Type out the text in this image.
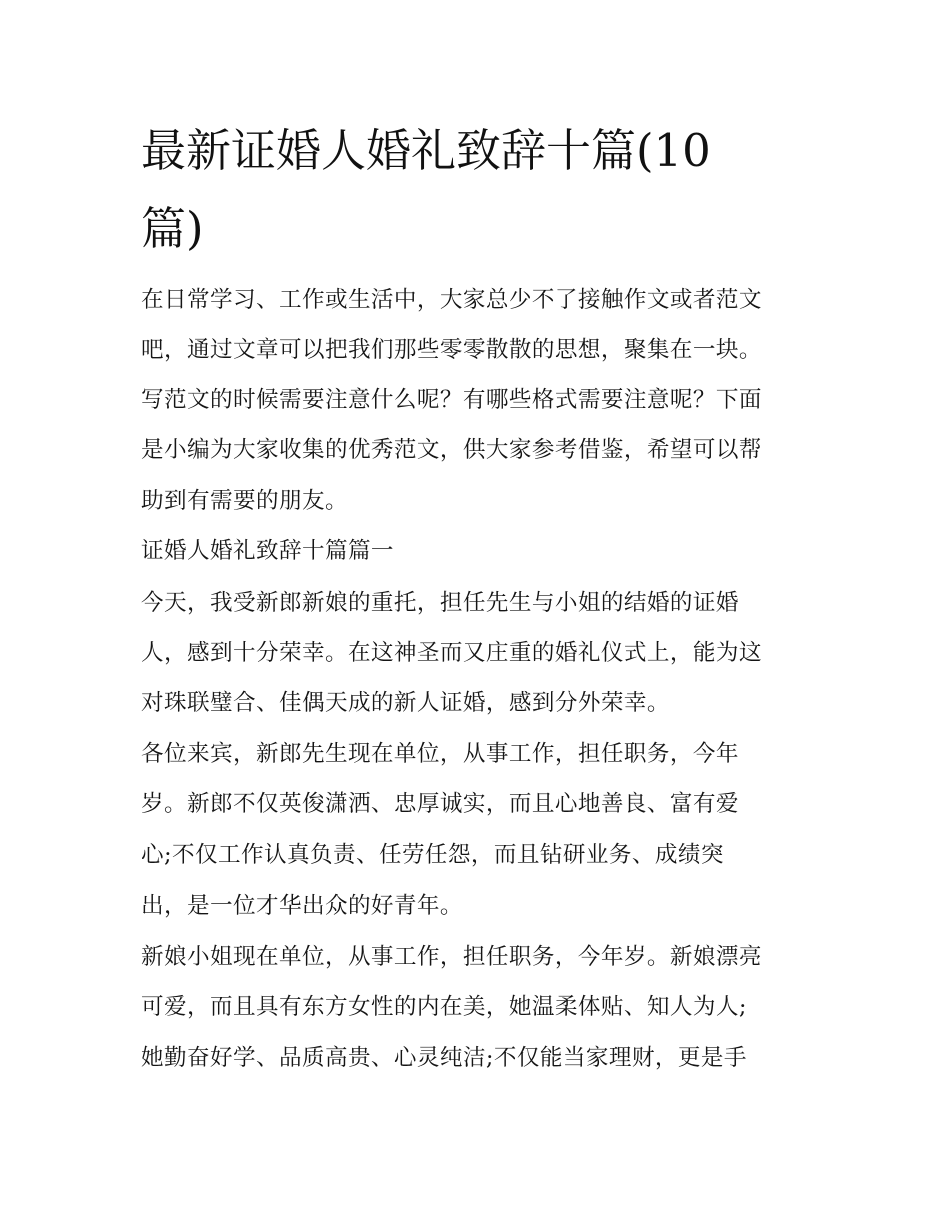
最新证婚人婚礼致辞十篇(10
篇)

在日常学习、工作或生活中，大家总少不了接触作文或者范文

吧，通过文章可以把我们那些零零散散的思想，聚集在一块。

写范文的时候需要注意什么呢？有哪些格式需要注意呢？下面

是小编为大家收集的优秀范文，供大家参考借鉴，希望可以帮

助到有需要的朋友。

证婚人婚礼致辞十篇篇一

今天，我受新郎新娘的重托，担任先生与小姐的结婚的证婚

人，感到十分荣幸。在这神圣而又庄重的婚礼仪式上，能为这

对珠联璧合、佳偶天成的新人证婚，感到分外荣幸。

各位来宾，新郎先生现在单位，从事工作，担任职务，今年

岁。新郎不仅英俊潇洒、忠厚诚实，而且心地善良、富有爱

心;不仅工作认真负责、任劳任怨，而且钻研业务、成绩突

出，是一位才华出众的好青年。

新娘小姐现在单位，从事工作，担任职务，今年岁。新娘漂亮

可爱，而且具有东方女性的内在美，她温柔体贴、知人为人;

她勤奋好学、品质高贵、心灵纯洁;不仅能当家理财，更是手
